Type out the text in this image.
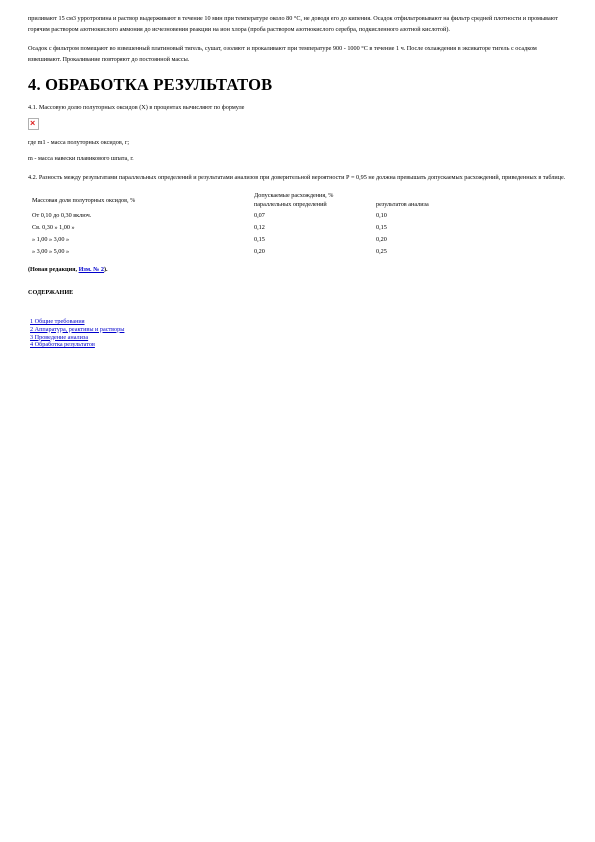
приливают 15 см3 урротропина и раствор выдерживают в течение 10 мин при температуре около 80 °С, не доводя его до кипения. Осадок отфильтровывают на фильтр средней плотности и промывают горячим раствором азотнокислого аммония до исчезновения реакции на ион хлора (проба раствором азотнокислого серебра, подкисленного азотной кислотой).

Осадок с фильтром помещают во взвешенный платиновый тигель, сушат, озоляют и прокаливают при температуре 900 - 1000 °С в течение 1 ч. После охлаждения в эксикаторе тигель с осадком взвешивают. Прокаливание повторяют до постоянной массы.

4. ОБРАБОТКА РЕЗУЛЬТАТОВ

4.1. Массовую долю полуторных оксидов (X) в процентах вычисляют по формуле

×

где m1 - масса полуторных оксидов, г;

m - масса навески плавикового шпата, г.

4.2. Разность между результатами параллельных определений и результатами анализов при доверительной вероятности Р = 0,95 не должна превышать допускаемых расхождений, приведенных в таблице.

Массовая доля полуторных оксидов, %	Допускаемые расхождения, %	
	параллельных определений	результатов анализа
От 0,10 до 0,30 включ.	0,07	0,10
Св. 0,30 » 1,00 »	0,12	0,15
» 1,00 » 3,00 »	0,15	0,20
» 3,00 » 5,00 »	0,20	0,25

(Новая редакция, Изм. № 2).

СОДЕРЖАНИЕ

1 Общие требования
2 Аппаратура, реактивы и растворы
3 Проведение анализа
4 Обработка результатов
